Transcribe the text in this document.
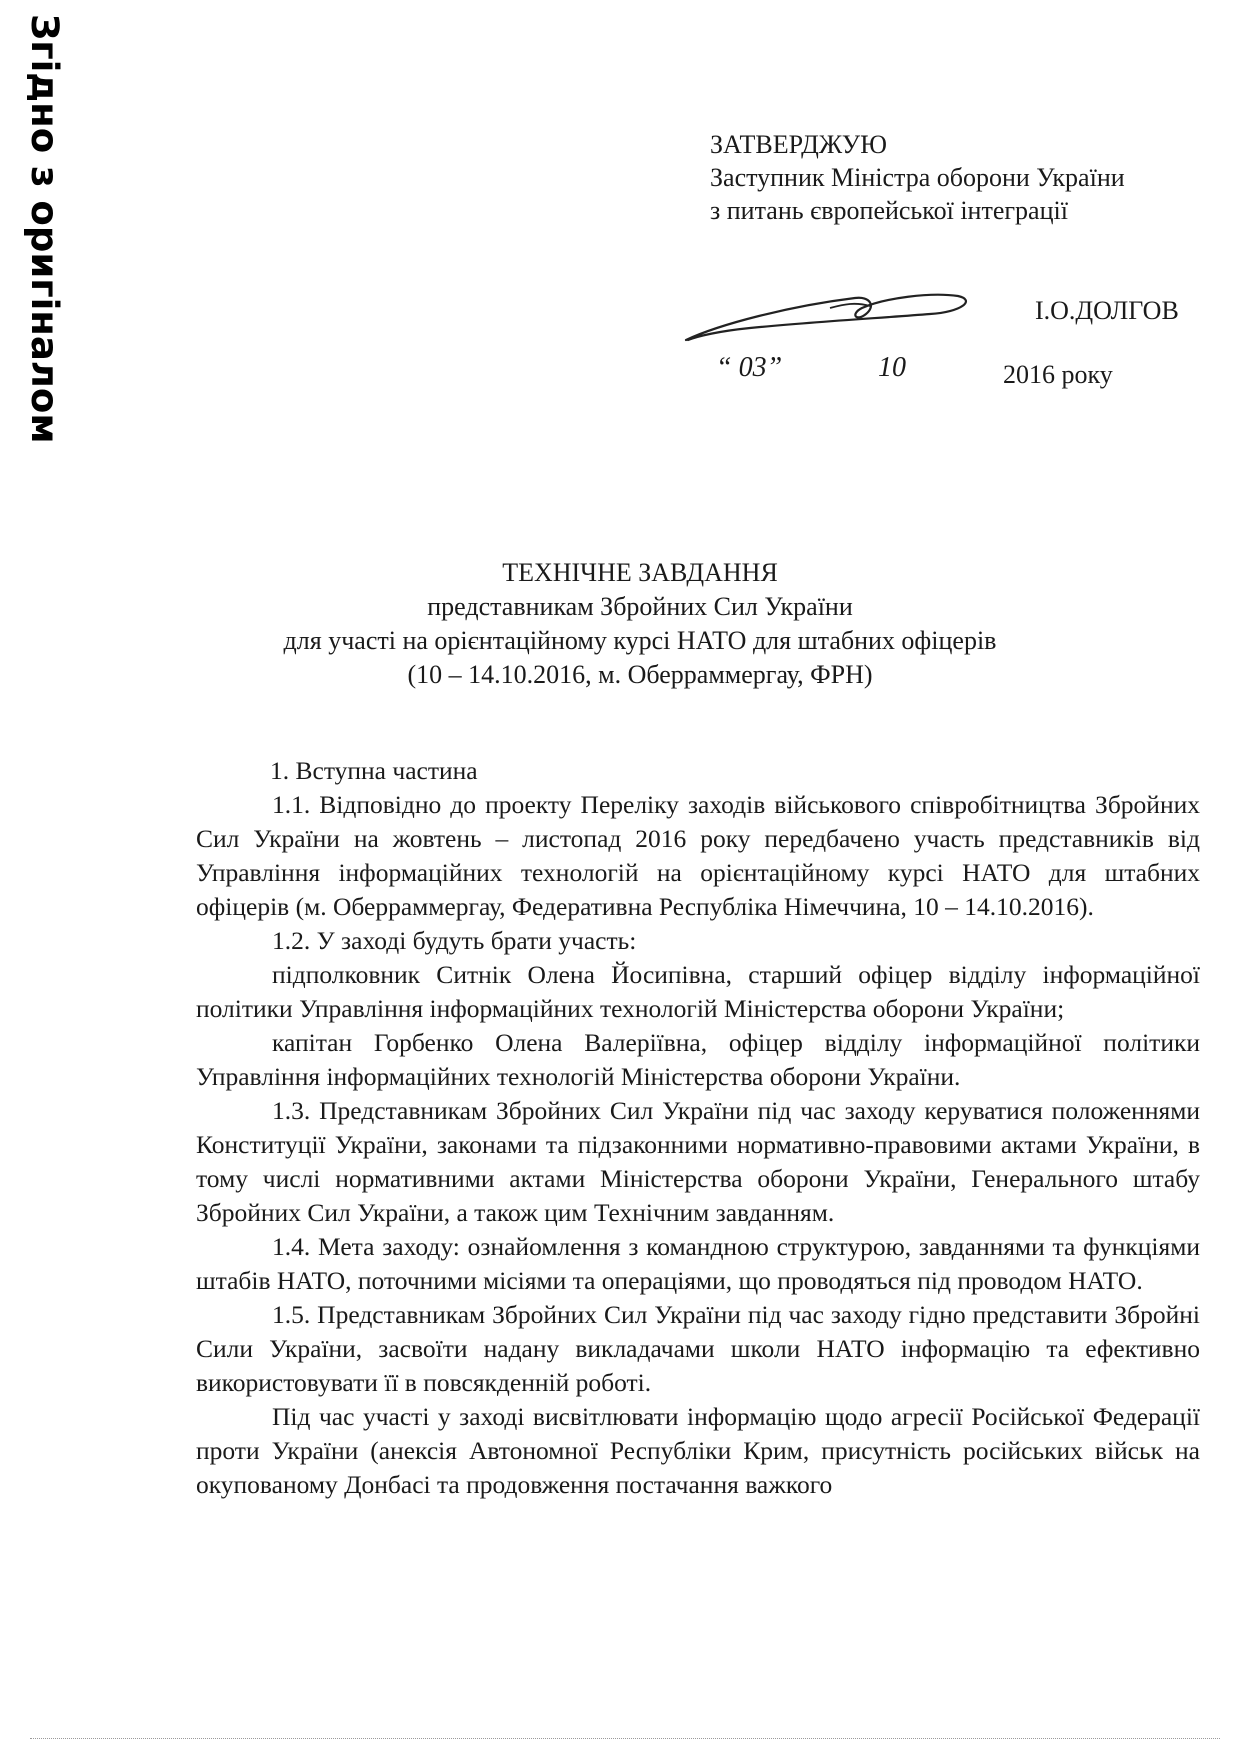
Згідно з оригіналом	ЗАТВЕРДЖУЮ
Заступник Міністра оборони України
з питань європейської інтеграції
І.О.ДОЛГОВ
“ 03”	10	2016 року
ТЕХНІЧНЕ ЗАВДАННЯ
представникам Збройних Сил України
для участі на орієнтаційному курсі НАТО для штабних офіцерів
(10 – 14.10.2016, м. Оберраммергау, ФРН)

1. Вступна частина

1.1. Відповідно до проекту Переліку заходів військового співробітництва Збройних Сил України на жовтень – листопад 2016 року передбачено участь представників від Управління інформаційних технологій на орієнтаційному курсі НАТО для штабних офіцерів (м. Оберраммергау, Федеративна Республіка Німеччина, 10 – 14.10.2016).

1.2. У заході будуть брати участь:

підполковник Ситнік Олена Йосипівна, старший офіцер відділу інформаційної політики Управління інформаційних технологій Міністерства оборони України;

капітан Горбенко Олена Валеріївна, офіцер відділу інформаційної політики Управління інформаційних технологій Міністерства оборони України.

1.3. Представникам Збройних Сил України під час заходу керуватися положеннями Конституції України, законами та підзаконними нормативно-правовими актами України, в тому числі нормативними актами Міністерства оборони України, Генерального штабу Збройних Сил України, а також цим Технічним завданням.

1.4. Мета заходу: ознайомлення з командною структурою, завданнями та функціями штабів НАТО, поточними місіями та операціями, що проводяться під проводом НАТО.

1.5. Представникам Збройних Сил України під час заходу гідно представити Збройні Сили України, засвоїти надану викладачами школи НАТО інформацію та ефективно використовувати її в повсякденній роботі.

Під час участі у заході висвітлювати інформацію щодо агресії Російської Федерації проти України (анексія Автономної Республіки Крим, присутність російських військ на окупованому Донбасі та продовження постачання важкого
